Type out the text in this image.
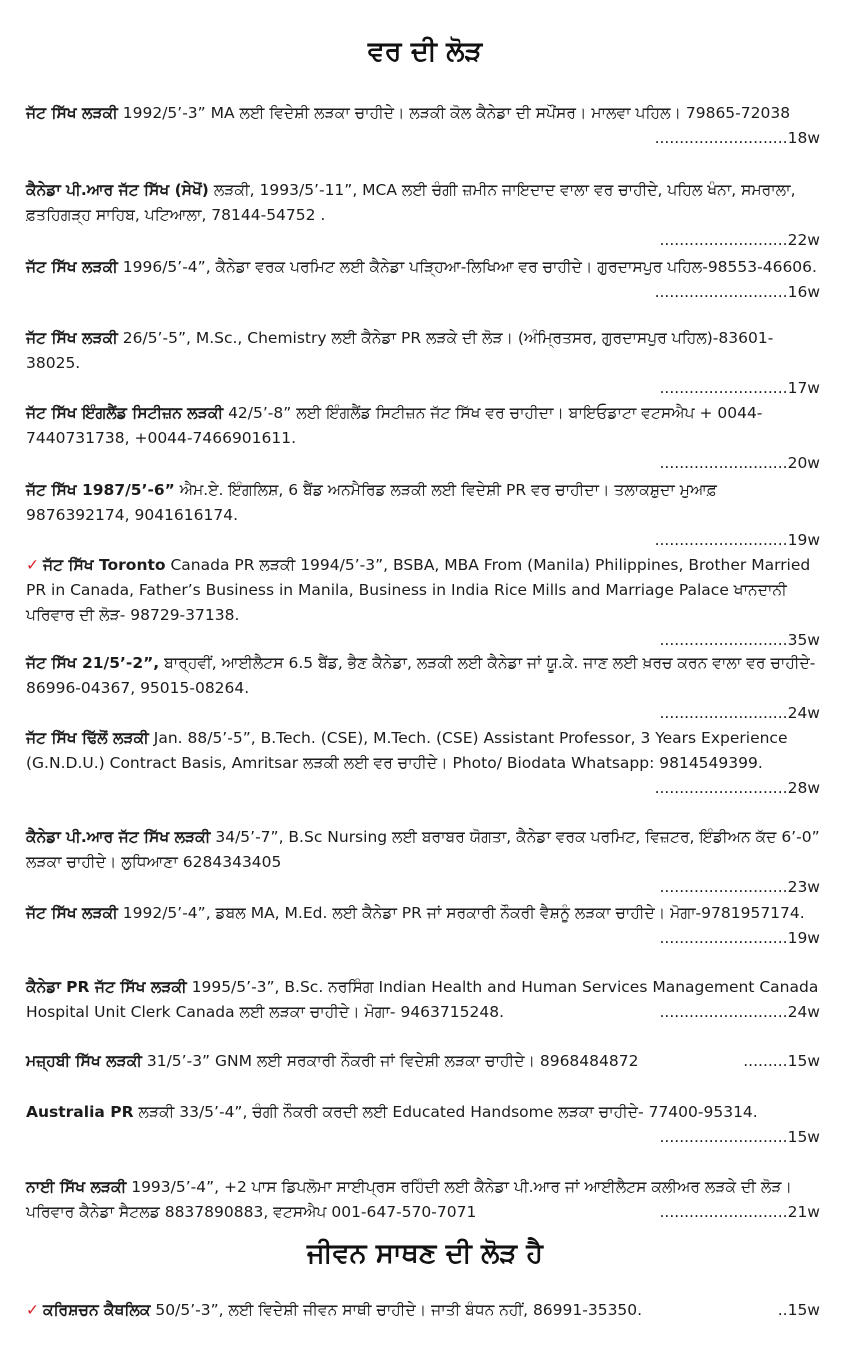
ਵਰ ਦੀ ਲੋੜ
ਜੱਟ ਸਿੱਖ ਲੜਕੀ 1992/5’-3” MA ਲਈ ਵਿਦੇਸ਼ੀ ਲੜਕਾ ਚਾਹੀਦੇ। ਲੜਕੀ ਕੋਲ ਕੈਨੇਡਾ ਦੀ ਸਪੌਂਸਰ। ਮਾਲਵਾ ਪਹਿਲ। 79865-72038
...........................18w
ਕੈਨੇਡਾ ਪੀ.ਆਰ ਜੱਟ ਸਿੱਖ (ਸੇਖੋਂ) ਲੜਕੀ, 1993/5’-11”, MCA ਲਈ ਚੰਗੀ ਜ਼ਮੀਨ ਜਾਇਦਾਦ ਵਾਲਾ ਵਰ ਚਾਹੀਦੇ, ਪਹਿਲ ਖੰਨਾ, ਸਮਰਾਲਾ, ਫ਼ਤਹਿਗੜ੍ਹ ਸਾਹਿਬ, ਪਟਿਆਲਾ, 78144-54752 .
..........................22w
ਜੱਟ ਸਿੱਖ ਲੜਕੀ 1996/5’-4”, ਕੈਨੇਡਾ ਵਰਕ ਪਰਮਿਟ ਲਈ ਕੈਨੇਡਾ ਪੜ੍ਹਿਆ-ਲਿਖਿਆ ਵਰ ਚਾਹੀਦੇ। ਗੁਰਦਾਸਪੁਰ ਪਹਿਲ-98553-46606.
...........................16w
ਜੱਟ ਸਿੱਖ ਲੜਕੀ 26/5’-5”, M.Sc., Chemistry ਲਈ ਕੈਨੇਡਾ PR ਲੜਕੇ ਦੀ ਲੋੜ। (ਅੰਮ੍ਰਿਤਸਰ, ਗੁਰਦਾਸਪੁਰ ਪਹਿਲ)-83601-38025.
..........................17w
ਜੱਟ ਸਿੱਖ ਇੰਗਲੈਂਡ ਸਿਟੀਜ਼ਨ ਲੜਕੀ 42/5’-8” ਲਈ ਇੰਗਲੈਂਡ ਸਿਟੀਜ਼ਨ ਜੱਟ ਸਿੱਖ ਵਰ ਚਾਹੀਦਾ। ਬਾਇਓਡਾਟਾ ਵਟਸਐਪ + 0044-7440731738, +0044-7466901611.
..........................20w
ਜੱਟ ਸਿੱਖ 1987/5’-6” ਐਮ.ਏ. ਇੰਗਲਿਸ਼, 6 ਬੈਂਡ ਅਨਮੈਰਿਡ ਲੜਕੀ ਲਈ ਵਿਦੇਸ਼ੀ PR ਵਰ ਚਾਹੀਦਾ। ਤਲਾਕਸ਼ੁਦਾ ਮੁਆਫ਼ 9876392174, 9041616174.
...........................19w
✓ ਜੱਟ ਸਿੱਖ Toronto Canada PR ਲੜਕੀ 1994/5’-3”, BSBA, MBA From (Manila) Philippines, Brother Married PR in Canada, Father’s Business in Manila, Business in India Rice Mills and Marriage Palace ਖਾਨਦਾਨੀ ਪਰਿਵਾਰ ਦੀ ਲੋੜ- 98729-37138.
..........................35w
ਜੱਟ ਸਿੱਖ 21/5’-2”, ਬਾਰ੍ਹਵੀਂ, ਆਈਲੈਟਸ 6.5 ਬੈਂਡ, ਭੈਣ ਕੈਨੇਡਾ, ਲੜਕੀ ਲਈ ਕੈਨੇਡਾ ਜਾਂ ਯੂ.ਕੇ. ਜਾਣ ਲਈ ਖ਼ਰਚ ਕਰਨ ਵਾਲਾ ਵਰ ਚਾਹੀਦੇ- 86996-04367, 95015-08264.
..........................24w
ਜੱਟ ਸਿੱਖ ਢਿੱਲੋਂ ਲੜਕੀ Jan. 88/5’-5”, B.Tech. (CSE), M.Tech. (CSE) Assistant Professor, 3 Years Experience (G.N.D.U.) Contract Basis, Amritsar ਲੜਕੀ ਲਈ ਵਰ ਚਾਹੀਦੇ। Photo/ Biodata Whatsapp: 9814549399.
...........................28w
ਕੈਨੇਡਾ ਪੀ.ਆਰ ਜੱਟ ਸਿੱਖ ਲੜਕੀ 34/5’-7”, B.Sc Nursing ਲਈ ਬਰਾਬਰ ਯੋਗਤਾ, ਕੈਨੇਡਾ ਵਰਕ ਪਰਮਿਟ, ਵਿਜ਼ਟਰ, ਇੰਡੀਅਨ ਕੱਦ 6’-0” ਲੜਕਾ ਚਾਹੀਦੇ। ਲੁਧਿਆਣਾ 6284343405
..........................23w
ਜੱਟ ਸਿੱਖ ਲੜਕੀ 1992/5’-4”, ਡਬਲ MA, M.Ed. ਲਈ ਕੈਨੇਡਾ PR ਜਾਂ ਸਰਕਾਰੀ ਨੌਕਰੀ ਵੈਸ਼ਨੂੰ ਲੜਕਾ ਚਾਹੀਦੇ। ਮੋਗਾ-9781957174.
..........................19w
ਕੈਨੇਡਾ PR ਜੱਟ ਸਿੱਖ ਲੜਕੀ 1995/5’-3”, B.Sc. ਨਰਸਿੰਗ Indian Health and Human Services Management Canada Hospital Unit Clerk Canada ਲਈ ਲੜਕਾ ਚਾਹੀਦੇ। ਮੋਗਾ- 9463715248.	..........................24w
ਮਜ਼੍ਹਬੀ ਸਿੱਖ ਲੜਕੀ 31/5’-3” GNM ਲਈ ਸਰਕਾਰੀ ਨੌਕਰੀ ਜਾਂ ਵਿਦੇਸ਼ੀ ਲੜਕਾ ਚਾਹੀਦੇ। 8968484872	.........15w
Australia PR ਲੜਕੀ 33/5’-4”, ਚੰਗੀ ਨੌਕਰੀ ਕਰਦੀ ਲਈ Educated Handsome ਲੜਕਾ ਚਾਹੀਦੇ- 77400-95314.
..........................15w
ਨਾਈ ਸਿੱਖ ਲੜਕੀ 1993/5’-4”, +2 ਪਾਸ ਡਿਪਲੋਮਾ ਸਾਈਪ੍ਰਸ ਰਹਿੰਦੀ ਲਈ ਕੈਨੇਡਾ ਪੀ.ਆਰ ਜਾਂ ਆਈਲੈਟਸ ਕਲੀਅਰ ਲੜਕੇ ਦੀ ਲੋੜ। ਪਰਿਵਾਰ ਕੈਨੇਡਾ ਸੈਟਲਡ 8837890883, ਵਟਸਐਪ 001-647-570-7071	..........................21w
ਜੀਵਨ ਸਾਥਣ ਦੀ ਲੋੜ ਹੈ
✓ ਕਰਿਸ਼ਚਨ ਕੈਥਲਿਕ 50/5’-3”, ਲਈ ਵਿਦੇਸ਼ੀ ਜੀਵਨ ਸਾਥੀ ਚਾਹੀਦੇ। ਜਾਤੀ ਬੰਧਨ ਨਹੀਂ, 86991-35350.	..15w
